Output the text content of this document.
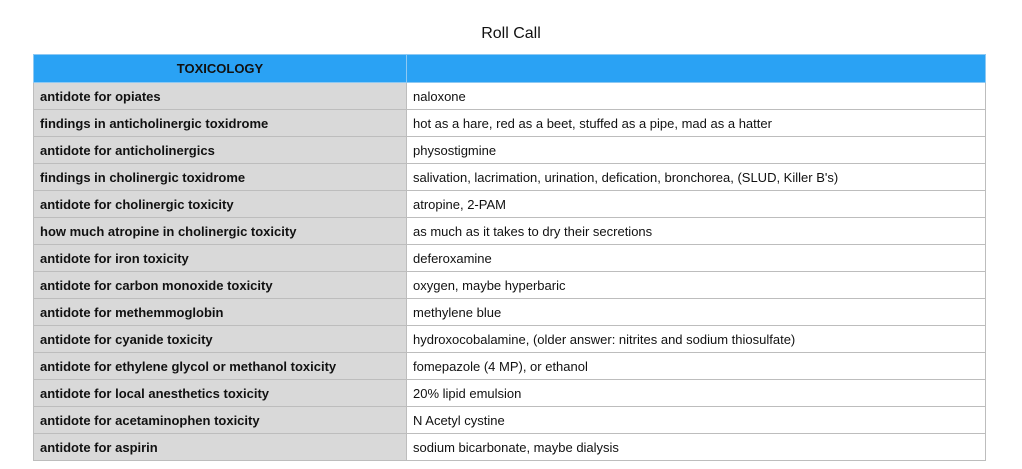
Roll Call
TOXICOLOGY	
antidote for opiates	naloxone
findings in anticholinergic toxidrome	hot as a hare, red as a beet, stuffed as a pipe, mad as a hatter
antidote for anticholinergics	physostigmine
findings in cholinergic toxidrome	salivation, lacrimation, urination, defication, bronchorea, (SLUD, Killer B's)
antidote for cholinergic toxicity	atropine, 2-PAM
how much atropine in cholinergic toxicity	as much as it takes to dry their secretions
antidote for iron toxicity	deferoxamine
antidote for carbon monoxide toxicity	oxygen, maybe hyperbaric
antidote for methemmoglobin	methylene blue
antidote for cyanide toxicity	hydroxocobalamine, (older answer: nitrites and sodium thiosulfate)
antidote for ethylene glycol or methanol toxicity	fomepazole (4 MP), or ethanol
antidote for local anesthetics toxicity	20% lipid emulsion
antidote for acetaminophen toxicity	N Acetyl cystine
antidote for aspirin	sodium bicarbonate, maybe dialysis
